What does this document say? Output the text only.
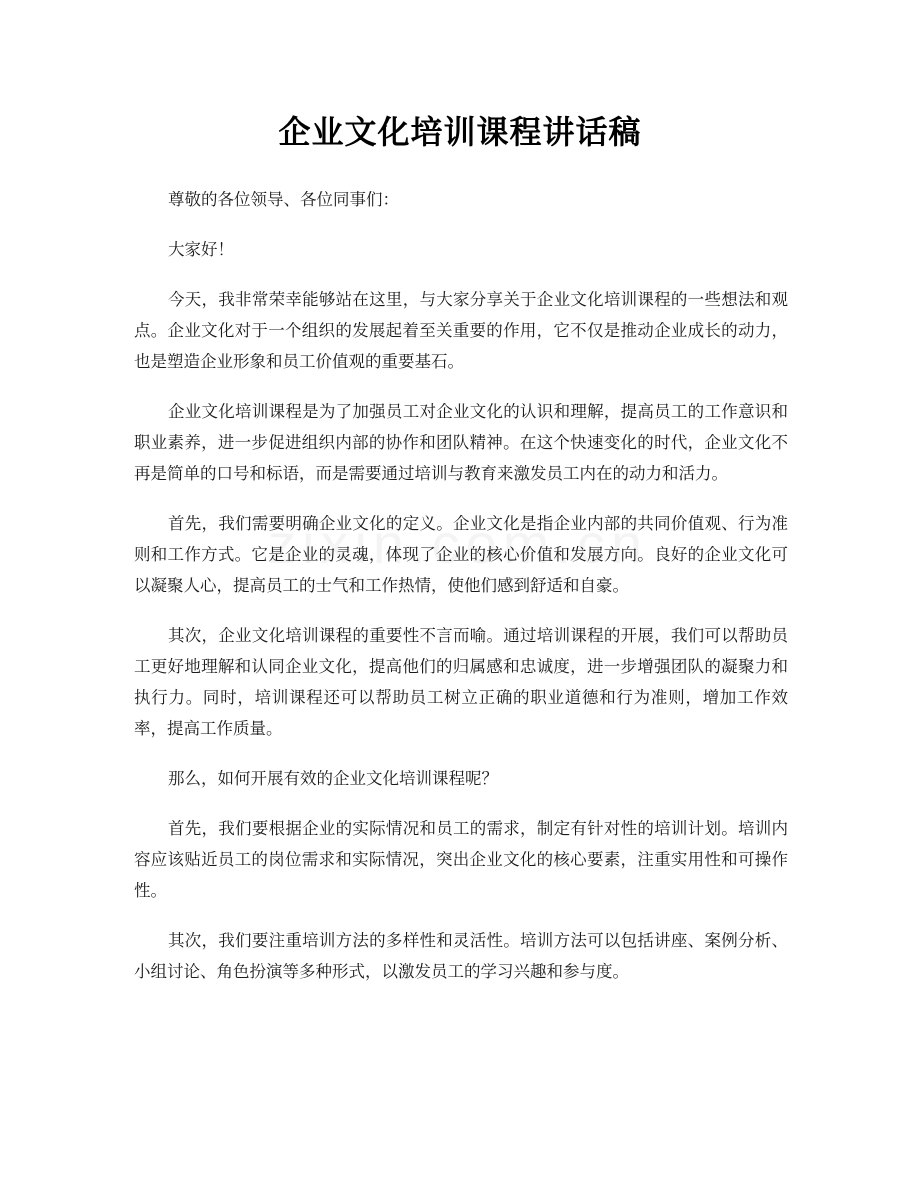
企业文化培训课程讲话稿

尊敬的各位领导、各位同事们：

大家好！

今天，我非常荣幸能够站在这里，与大家分享关于企业文化培训课程的一些想法和观点。企业文化对于一个组织的发展起着至关重要的作用，它不仅是推动企业成长的动力，也是塑造企业形象和员工价值观的重要基石。

企业文化培训课程是为了加强员工对企业文化的认识和理解，提高员工的工作意识和职业素养，进一步促进组织内部的协作和团队精神。在这个快速变化的时代，企业文化不再是简单的口号和标语，而是需要通过培训与教育来激发员工内在的动力和活力。

首先，我们需要明确企业文化的定义。企业文化是指企业内部的共同价值观、行为准则和工作方式。它是企业的灵魂，体现了企业的核心价值和发展方向。良好的企业文化可以凝聚人心，提高员工的士气和工作热情，使他们感到舒适和自豪。

其次，企业文化培训课程的重要性不言而喻。通过培训课程的开展，我们可以帮助员工更好地理解和认同企业文化，提高他们的归属感和忠诚度，进一步增强团队的凝聚力和执行力。同时，培训课程还可以帮助员工树立正确的职业道德和行为准则，增加工作效率，提高工作质量。

那么，如何开展有效的企业文化培训课程呢？

首先，我们要根据企业的实际情况和员工的需求，制定有针对性的培训计划。培训内容应该贴近员工的岗位需求和实际情况，突出企业文化的核心要素，注重实用性和可操作性。

其次，我们要注重培训方法的多样性和灵活性。培训方法可以包括讲座、案例分析、小组讨论、角色扮演等多种形式，以激发员工的学习兴趣和参与度。
